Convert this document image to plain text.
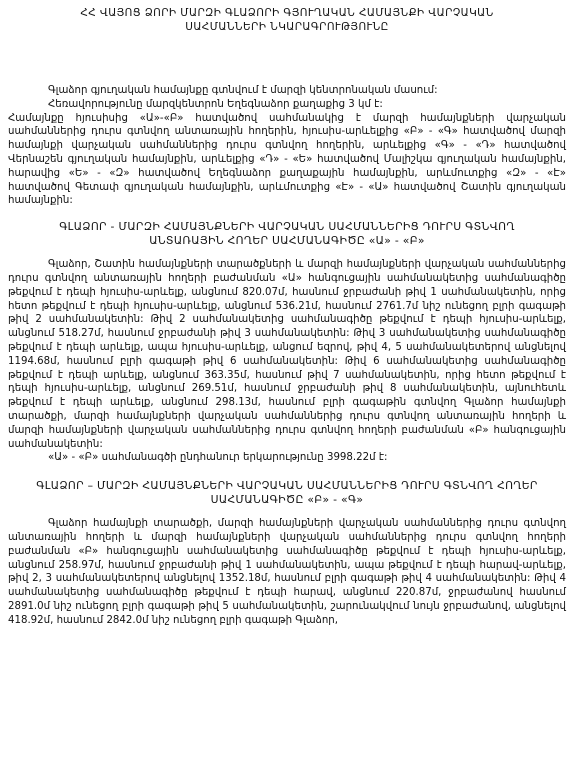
ՀՀ ՎԱՅՈՑ ՁՈՐԻ ՄԱՐԶԻ ԳԼԱՁՈՐԻ ԳՅՈՒՂԱԿԱՆ ՀԱՄԱՅՆՔԻ ՎԱՐՉԱԿԱՆ
ՍԱՀՄԱՆՆԵՐԻ ՆԿԱՐԱԳՐՈՒԹՅՈՒՆԸ

Գլաձոր գյուղական համայնքը գտնվում է մարզի կենտրոնական մասում:

Հեռավորությունը մարզկենտրոն Եղեգնաձոր քաղաքից 3 կմ է:
Համայնքը հյուսիսից «Ա»-«Բ» հատվածով սահմանակից է մարզի համայնքների վարչական սահմաններից դուրս գտնվող անտառային հողերին, հյուսիս-արևելքից «Բ» - «Գ» հատվածով մարզի համայնքի վարչական սահմաններից դուրս գտնվող հողերին, արևելքից «Գ» - «Դ» հատվածով Վերնաշեն գյուղական համայնքին, արևելքից «Դ» - «Ե» հատվածով Մալիշկա գյուղական համայնքին, հարավից «Ե» - «Զ» հատվածով Եղեգնաձոր քաղաքային համայնքին, արևմուտքից «Զ» - «Է» հատվածով Գետափ գյուղական համայնքին, արևմուտքից «Է» - «Ա» հատվածով Շատին գյուղական համայնքին:

ԳԼԱՁՈՐ - ՄԱՐԶԻ ՀԱՄԱՅՆՔՆԵՐԻ ՎԱՐՉԱԿԱՆ ՍԱՀՄԱՆՆԵՐԻՑ ԴՈՒՐՍ ԳՏՆՎՈՂ
ԱՆՏԱՌԱՅԻՆ ՀՈՂԵՐ ՍԱՀՄԱՆԱԳԻԾԸ «Ա» - «Բ»

Գլաձոր, Շատին համայնքների տարածքների և մարզի համայնքների վարչական սահմաններից դուրս գտնվող անտառային հողերի բաժանման «Ա» հանգուցային սահմանակետից սահմանագիծը թեքվում է դեպի հյուսիս-արևելք, անցնում 820.07մ, հասնում ջրբաժանի թիվ 1 սահմանակետին, որից հետո թեքվում է դեպի հյուսիս-արևելք, անցնում 536.21մ, հասնում 2761.7մ նիշ ունեցող բլրի գագաթի թիվ 2 սահմանակետին: Թիվ 2 սահմանակետից սահմանագիծը թեքվում է դեպի հյուսիս-արևելք, անցնում 518.27մ, հասնում ջրբաժանի թիվ 3 սահմանակետին: Թիվ 3 սահմանակետից սահմանագիծը թեքվում է դեպի արևելք, ապա հյուսիս-արևելք, անցում եզրով, թիվ 4, 5 սահմանակետերով անցնելով 1194.68մ, հասնում բլրի գագաթի թիվ 6 սահմանակետին: Թիվ 6 սահմանակետից սահմանագիծը թեքվում է դեպի արևելք, անցնում 363.35մ, հասնում թիվ 7 սահմանակետին, որից հետո թեքվում է դեպի հյուսիս-արևելք, անցնում 269.51մ, հասնում ջրբաժանի թիվ 8 սահմանակետին, այնուհետև թեքվում է դեպի արևելք, անցնում 298.13մ, հասնում բլրի գագաթին գտնվող Գլաձոր համայնքի տարածքի, մարզի համայնքների վարչական սահմաններից դուրս գտնվող անտառային հողերի և մարզի համայնքների վարչական սահմաններից դուրս գտնվող հողերի բաժանման «Բ» հանգուցային սահմանակետին:

«Ա» - «Բ» սահմանագծի ընդհանուր երկարությունը 3998.22մ է:

ԳԼԱՁՈՐ – ՄԱՐԶԻ ՀԱՄԱՅՆՔՆԵՐԻ ՎԱՐՉԱԿԱՆ ՍԱՀՄԱՆՆԵՐԻՑ ԴՈՒՐՍ ԳՏՆՎՈՂ ՀՈՂԵՐ
ՍԱՀՄԱՆԱԳԻԾԸ «Բ» - «Գ»

Գլաձոր համայնքի տարածքի, մարզի համայնքների վարչական սահմաններից դուրս գտնվող անտառային հողերի և մարզի համայնքների վարչական սահմաններից դուրս գտնվող հողերի բաժանման «Բ» հանգուցային սահմանակետից սահմանագիծը թեքվում է դեպի հյուսիս-արևելք, անցնում 258.97մ, հասնում ջրբաժանի թիվ 1 սահմանակետին, ապա թեքվում է դեպի հարավ-արևելք, թիվ 2, 3 սահմանակետերով անցնելով 1352.18մ, հասնում բլրի գագաթի թիվ 4 սահմանակետին: Թիվ 4 սահմանակետից սահմանագիծը թեքվում է դեպի հարավ, անցնում 220.87մ, ջրբաժանով հասնում 2891.0մ նիշ ունեցող բլրի գագաթի թիվ 5 սահմանակետին, շարունակվում նույն ջրբաժանով, անցնելով 418.92մ, հասնում 2842.0մ նիշ ունեցող բլրի գագաթի Գլաձոր,
